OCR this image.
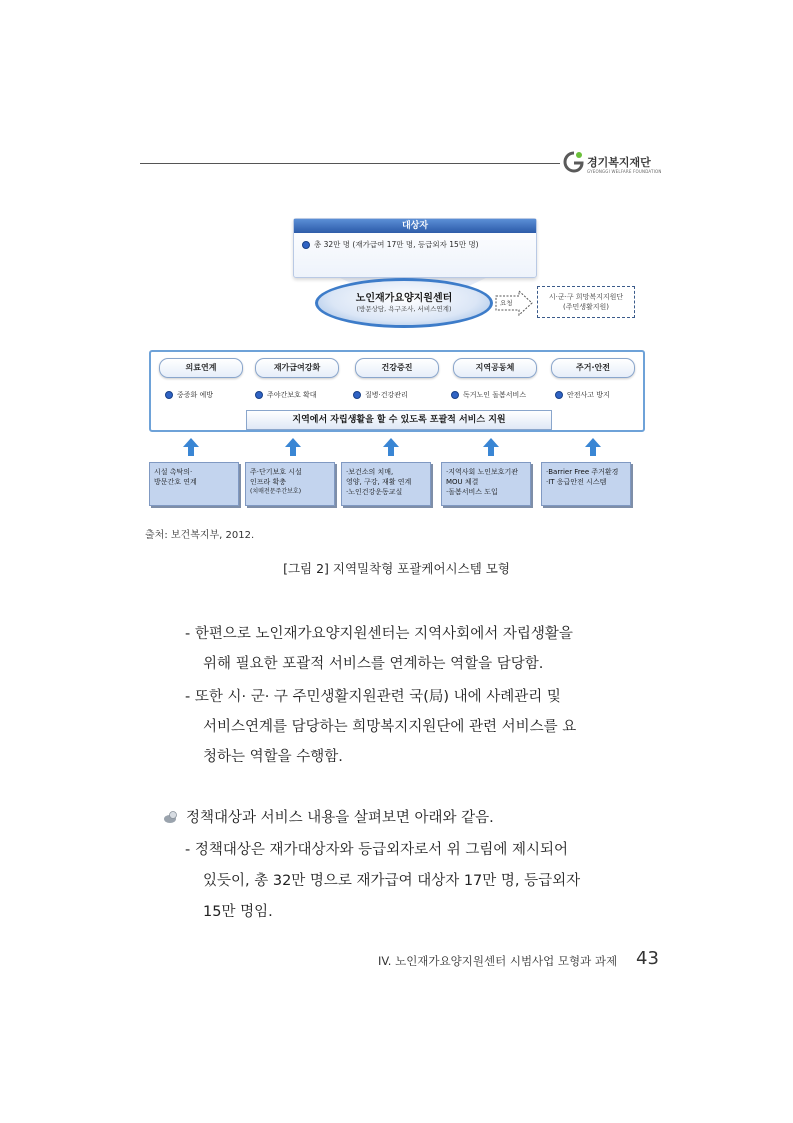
경기복지재단
GYEONGGI WELFARE FOUNDATION
대상자
총 32만 명 (재가급여 17만 명, 등급외자 15만 명)
노인재가요양지원센터
(방문상담, 욕구조사, 서비스연계)
요청
시·군·구 희망복지지원단
(주민생활지원)
의료연계	재가급여강화	건강증진	지역공동체	주거·안전
중증화 예방	주야간보호 확대	질병·건강관리	독거노인 돌봄서비스	안전사고 방지
지역에서 자립생활을 할 수 있도록 포괄적 서비스 지원
시설 촉탁의·
방문간호 연계
주·단기보호 시설
인프라 확충
(치매전문주간보호)
·보건소의 치매,
영양, 구강, 재활 연계
·노인건강운동교실
·지역사회 노인보호기관
MOU 체결
·돌봄서비스 도입
·Barrier Free 주거환경
·IT 응급안전 시스템
출처: 보건복지부, 2012.
[그림 2] 지역밀착형 포괄케어시스템 모형
- 한편으로 노인재가요양지원센터는 지역사회에서 자립생활을
위해 필요한 포괄적 서비스를 연계하는 역할을 담당함.
- 또한 시· 군· 구 주민생활지원관련 국(局) 내에 사례관리 및
서비스연계를 담당하는 희망복지지원단에 관련 서비스를 요
청하는 역할을 수행함.
정책대상과 서비스 내용을 살펴보면 아래와 같음.
- 정책대상은 재가대상자와 등급외자로서 위 그림에 제시되어
있듯이, 총 32만 명으로 재가급여 대상자 17만 명, 등급외자
15만 명임.
IV. 노인재가요양지원센터 시범사업 모형과 과제 43
